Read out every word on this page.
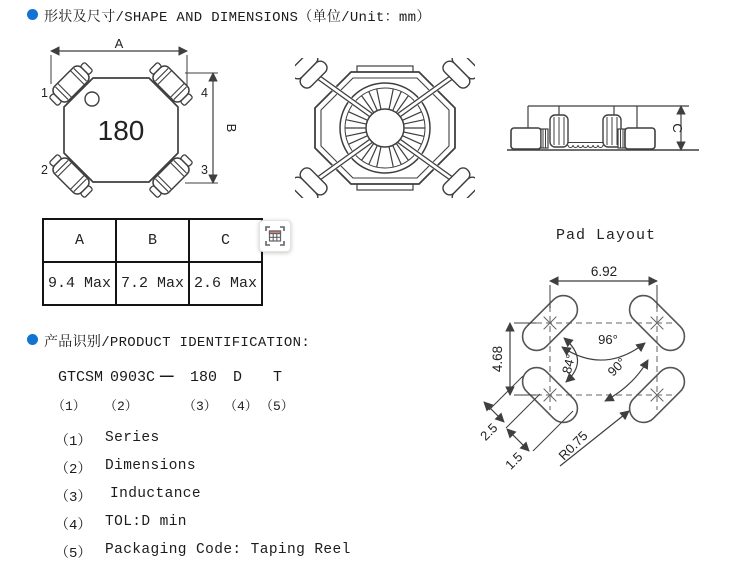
形状及尺寸/SHAPE AND DIMENSIONS（单位/Unit：mm）
A
180
1	4
2	3
B	C
A	B	C
9.4 Max	7.2 Max	2.6 Max
Pad Layout
6.92
4.68
96°
84° 90°
2.5
1.5 R0.75
产品识别/PRODUCT IDENTIFICATION:
GTCSM 0903C — 180 D T
（1） （2）	（3） （4） （5）
（1） Series
（2） Dimensions
（3） Inductance
（4） TOL:D min
（5） Packaging Code: Taping Reel
